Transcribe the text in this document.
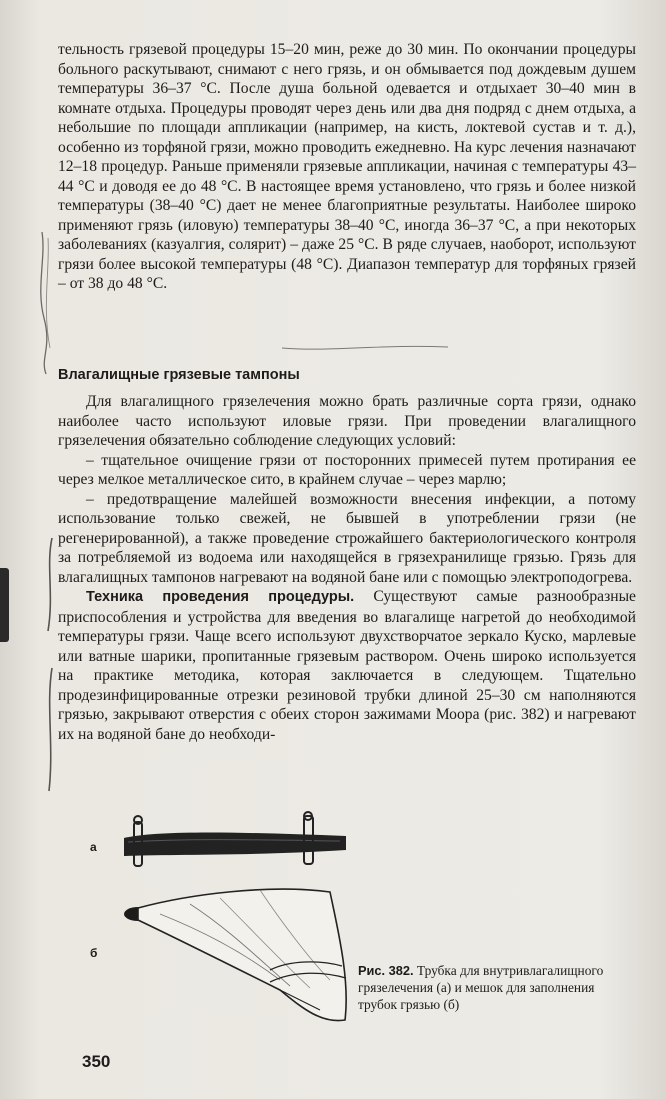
тельность грязевой процедуры 15–20 мин, реже до 30 мин. По окончании процедуры больного раскутывают, снимают с него грязь, и он обмывается под дождевым душем температуры 36–37 °С. После душа больной одевается и отдыхает 30–40 мин в комнате отдыха. Процедуры проводят через день или два дня подряд с днем отдыха, а небольшие по площади аппликации (например, на кисть, локтевой сустав и т. д.), особенно из торфяной грязи, можно проводить ежедневно. На курс лечения назначают 12–18 процедур. Раньше применяли грязевые аппликации, начиная с температуры 43–44 °С и доводя ее до 48 °С. В настоящее время установлено, что грязь и более низкой температуры (38–40 °С) дает не менее благоприятные результаты. Наиболее широко применяют грязь (иловую) температуры 38–40 °С, иногда 36–37 °С, а при некоторых заболеваниях (казуалгия, солярит) – даже 25 °С. В ряде случаев, наоборот, используют грязи более высокой температуры (48 °С). Диапазон температур для торфяных грязей – от 38 до 48 °С.

Влагалищные грязевые тампоны

Для влагалищного грязелечения можно брать различные сорта грязи, однако наиболее часто используют иловые грязи. При проведении влагалищного грязелечения обязательно соблюдение следующих условий:

– тщательное очищение грязи от посторонних примесей путем протирания ее через мелкое металлическое сито, в крайнем случае – через марлю;

– предотвращение малейшей возможности внесения инфекции, а потому использование только свежей, не бывшей в употреблении грязи (не регенерированной), а также проведение строжайшего бактериологического контроля за потребляемой из водоема или находящейся в грязехранилище грязью. Грязь для влагалищных тампонов нагревают на водяной бане или с помощью электроподогрева.

Техника проведения процедуры. Существуют самые разнообразные приспособления и устройства для введения во влагалище нагретой до необходимой температуры грязи. Чаще всего используют двухстворчатое зеркало Куско, марлевые или ватные шарики, пропитанные грязевым раствором. Очень широко используется на практике методика, которая заключается в следующем. Тщательно продезинфицированные отрезки резиновой трубки длиной 25–30 см наполняются грязью, закрывают отверстия с обеих сторон зажимами Моора (рис. 382) и нагревают их на водяной бане до необходи-

а
б
Рис. 382. Трубка для внутривлагалищного грязелечения (а) и мешок для заполнения трубок грязью (б)
350
